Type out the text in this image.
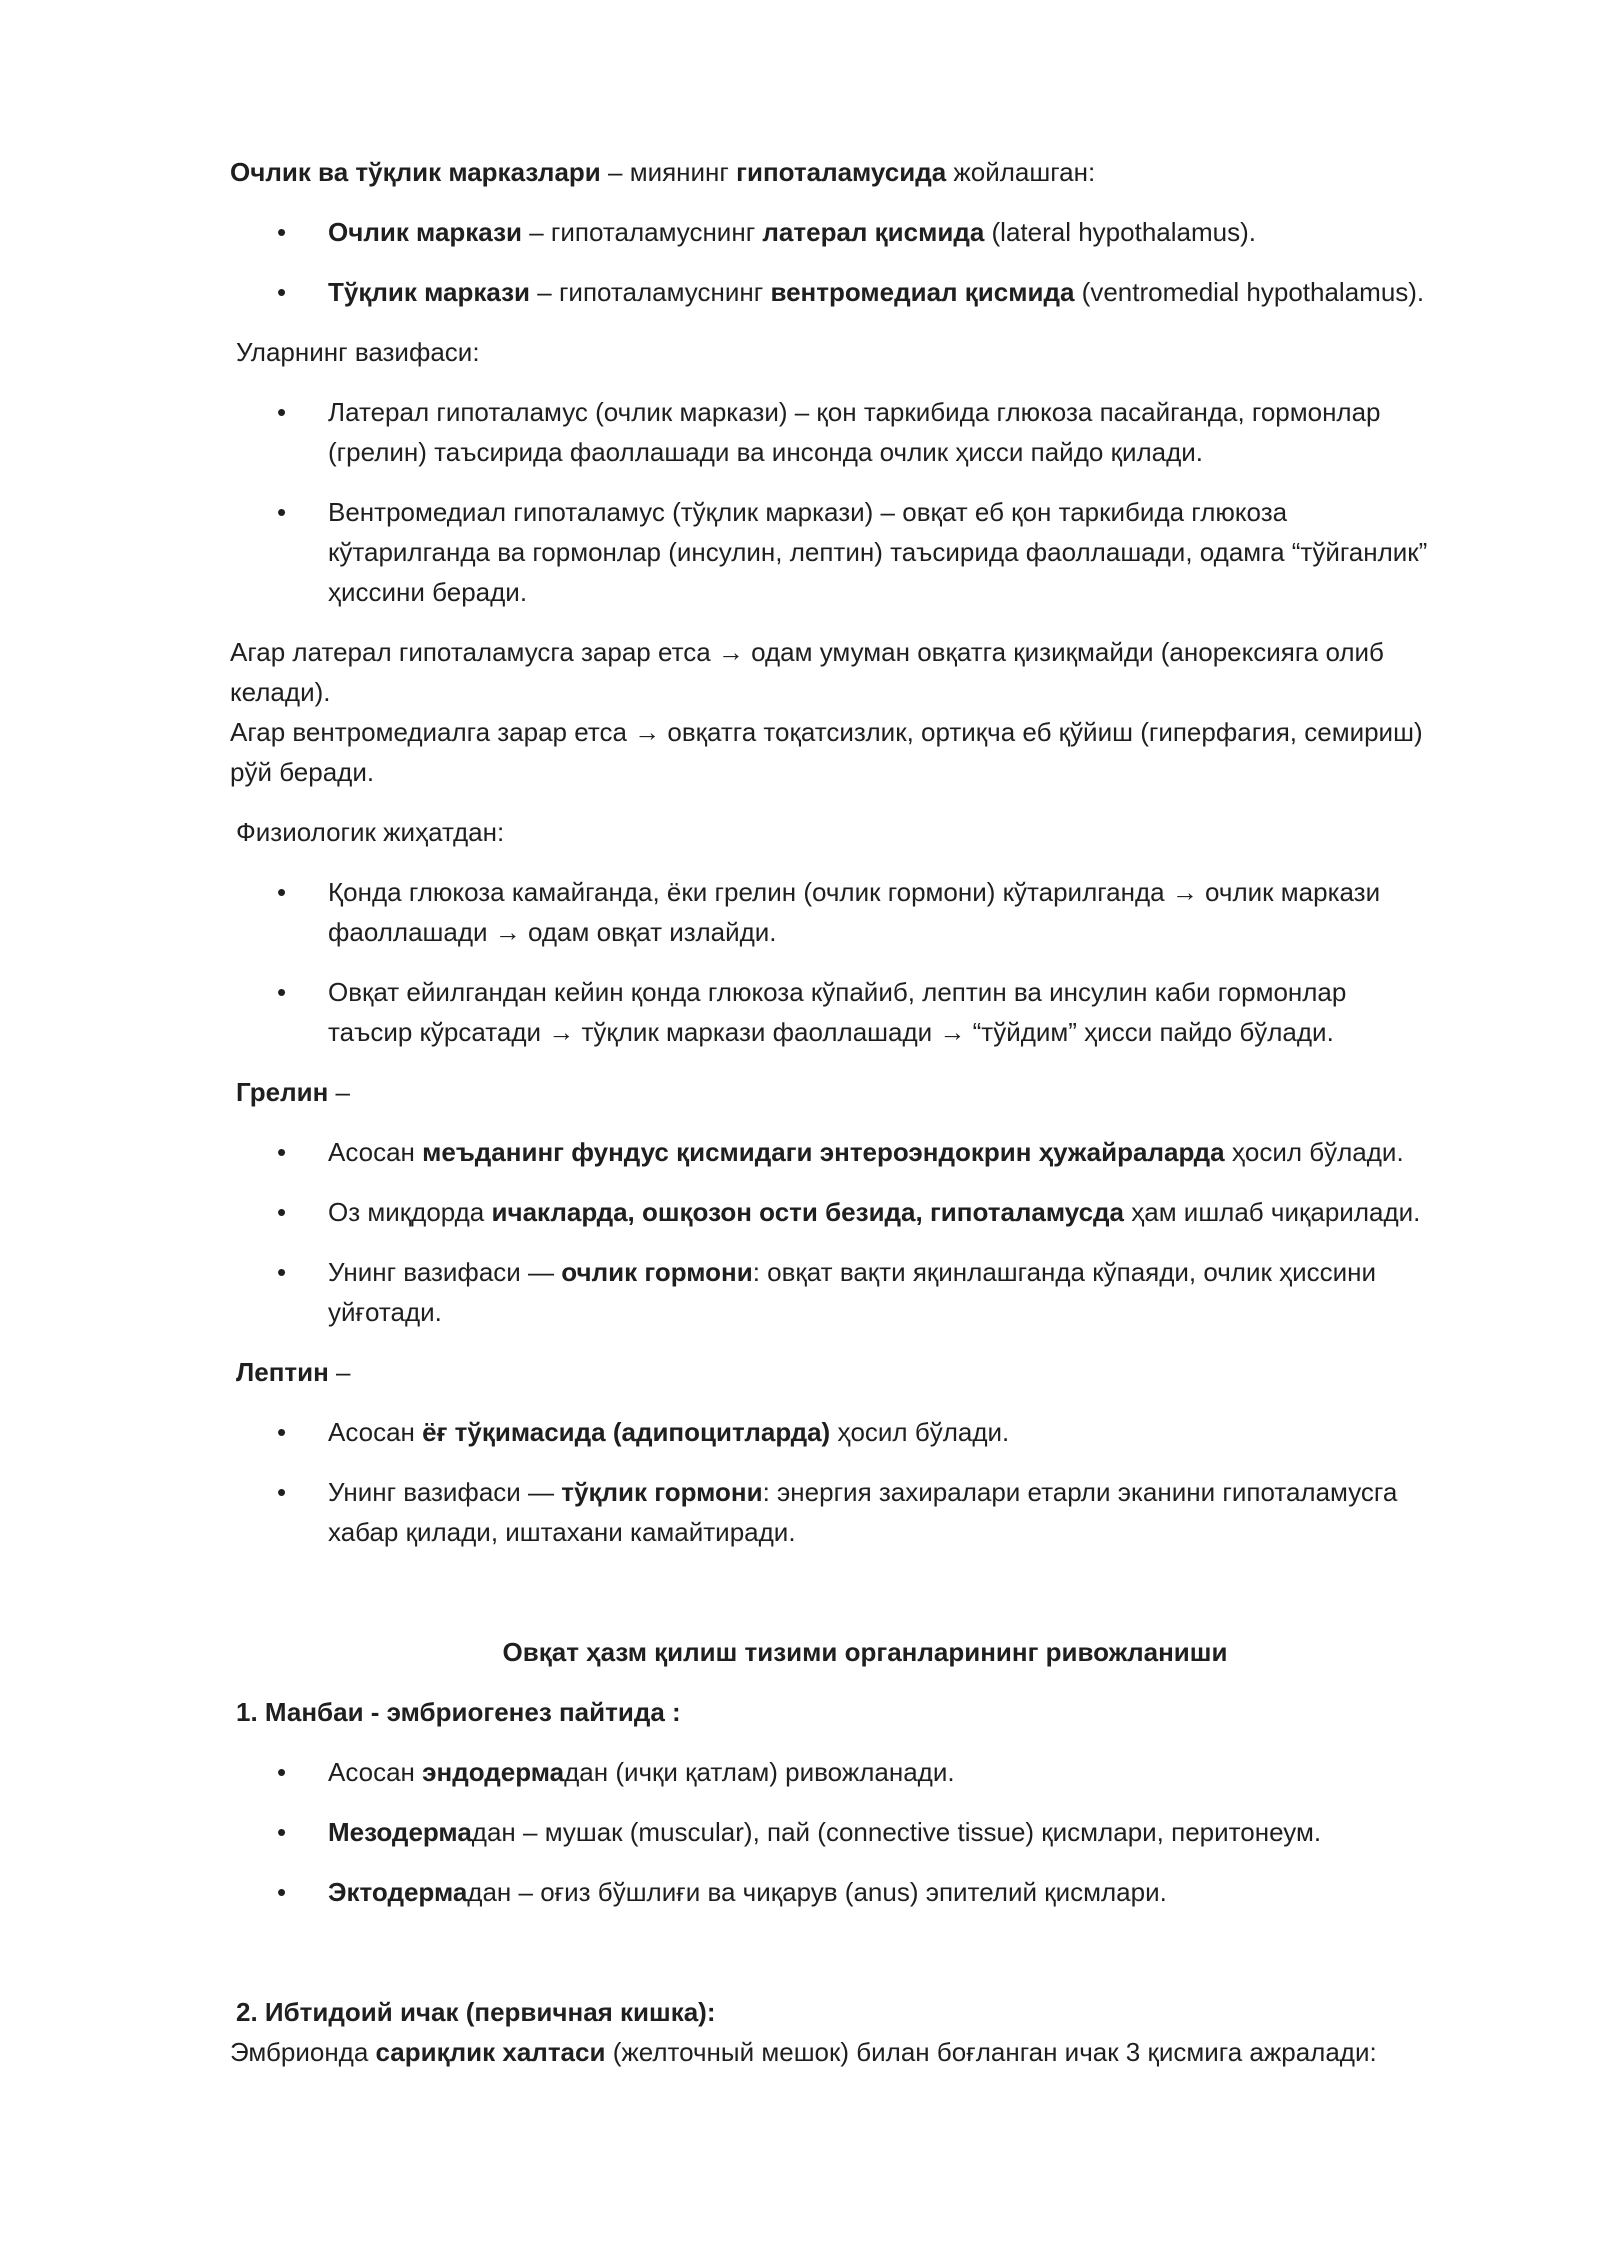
Очлик ва тўқлик марказлари – миянинг гипоталамусида жойлашган:

•	Очлик маркази – гипоталамуснинг латерал қисмида (lateral hypothalamus).
•	Тўқлик маркази – гипоталамуснинг вентромедиал қисмида (ventromedial hypothalamus).

Уларнинг вазифаси:

•	Латерал гипоталамус (очлик маркази) – қон таркибида глюкоза пасайганда, гормонлар
(грелин) таъсирида фаоллашади ва инсонда очлик ҳисси пайдо қилади.
•	Вентромедиал гипоталамус (тўқлик маркази) – овқат еб қон таркибида глюкоза
кўтарилганда ва гормонлар (инсулин, лептин) таъсирида фаоллашади, одамга “тўйганлик”
ҳиссини беради.

Агар латерал гипоталамусга зарар етса → одам умуман овқатга қизиқмайди (анорексияга олиб
келади).
Агар вентромедиалга зарар етса → овқатга тоқатсизлик, ортиқча еб қўйиш (гиперфагия, семириш)
рўй беради.

Физиологик жиҳатдан:

•	Қонда глюкоза камайганда, ёки грелин (очлик гормони) кўтарилганда → очлик маркази
фаоллашади → одам овқат излайди.
•	Овқат ейилгандан кейин қонда глюкоза кўпайиб, лептин ва инсулин каби гормонлар
таъсир кўрсатади → тўқлик маркази фаоллашади → “тўйдим” ҳисси пайдо бўлади.

Грелин –

•	Асосан меъданинг фундус қисмидаги энтероэндокрин ҳужайраларда ҳосил бўлади.
•	Оз миқдорда ичакларда, ошқозон ости безида, гипоталамусда ҳам ишлаб чиқарилади.
•	Унинг вазифаси — очлик гормони: овқат вақти яқинлашганда кўпаяди, очлик ҳиссини
уйғотади.

Лептин –

•	Асосан ёғ тўқимасида (адипоцитларда) ҳосил бўлади.
•	Унинг вазифаси — тўқлик гормони: энергия захиралари етарли эканини гипоталамусга
хабар қилади, иштахани камайтиради.

Овқат ҳазм қилиш тизими органларининг ривожланиши

1. Манбаи - эмбриогенез пайтида :

•	Асосан эндодермадан (ичқи қатлам) ривожланади.
•	Мезодермадан – мушак (muscular), пай (connective tissue) қисмлари, перитонеум.
•	Эктодермадан – оғиз бўшлиғи ва чиқарув (anus) эпителий қисмлари.

2. Ибтидоий ичак (первичная кишка):

Эмбрионда сариқлик халтаси (желточный мешок) билан боғланган ичак 3 қисмига ажралади:
